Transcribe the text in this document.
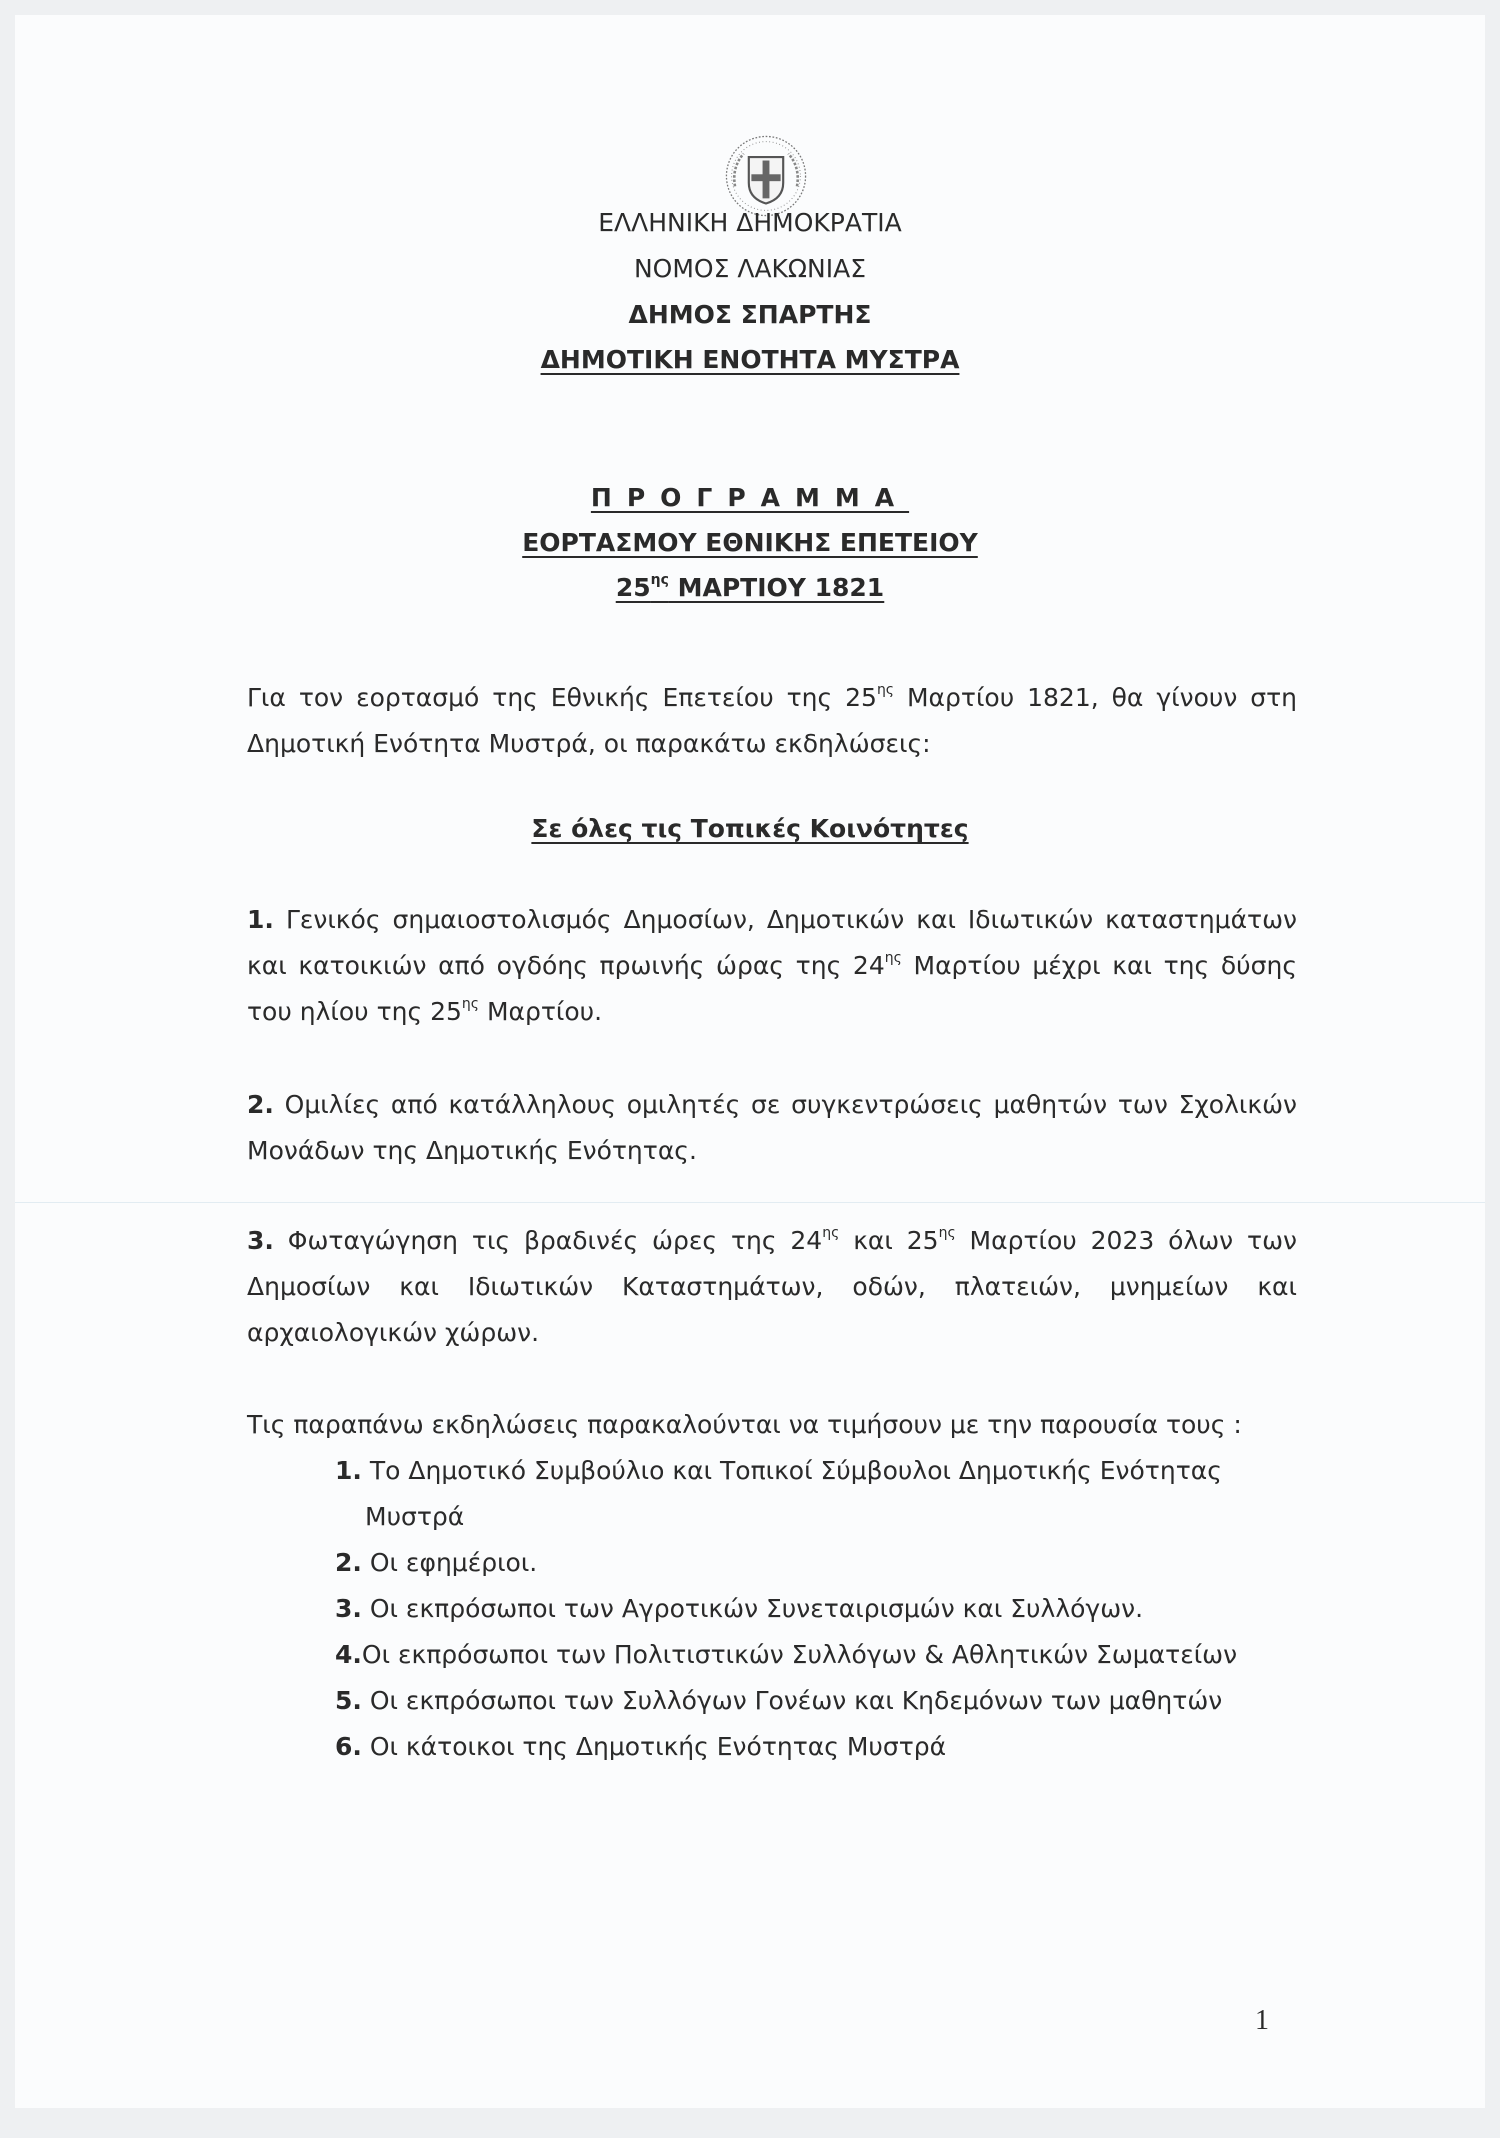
ΕΛΛΗΝΙΚΗ ΔΗΜΟΚΡΑΤΙΑ
ΝΟΜΟΣ ΛΑΚΩΝΙΑΣ
ΔΗΜΟΣ ΣΠΑΡΤΗΣ
ΔΗΜΟΤΙΚΗ ΕΝΟΤΗΤΑ ΜΥΣΤΡΑ
ΠΡΟΓΡΑΜΜΑ
ΕΟΡΤΑΣΜΟΥ ΕΘΝΙΚΗΣ ΕΠΕΤΕΙΟΥ
$25^{\eta\varsigma}$ ΜΑΡΤΙΟΥ 1821
Για τον εορτασμό της Εθνικής Επετείου της $25^{\eta\varsigma}$ Μαρτίου 1821, θα γίνουν στη Δημοτική Ενότητα Μυστρά, οι παρακάτω εκδηλώσεις:
Σε όλες τις Τοπικές Κοινότητες
1. Γενικός σημαιοστολισμός Δημοσίων, Δημοτικών και Ιδιωτικών καταστημάτων και κατοικιών από ογδόης πρωινής ώρας της $24^{\eta\varsigma}$ Μαρτίου μέχρι και της δύσης του ηλίου της $25^{\eta\varsigma}$ Μαρτίου.
2. Ομιλίες από κατάλληλους ομιλητές σε συγκεντρώσεις μαθητών των Σχολικών Μονάδων της Δημοτικής Ενότητας.
3. Φωταγώγηση τις βραδινές ώρες της $24^{\eta\varsigma}$ και $25^{\eta\varsigma}$ Μαρτίου 2023 όλων των Δημοσίων και Ιδιωτικών Καταστημάτων, οδών, πλατειών, μνημείων και αρχαιολογικών χώρων.
Τις παραπάνω εκδηλώσεις παρακαλούνται να τιμήσουν με την παρουσία τους :
1. Το Δημοτικό Συμβούλιο και Τοπικοί Σύμβουλοι Δημοτικής Ενότητας
Μυστρά
2. Οι εφημέριοι.
3. Οι εκπρόσωποι των Αγροτικών Συνεταιρισμών και Συλλόγων.
4.Οι εκπρόσωποι των Πολιτιστικών Συλλόγων & Αθλητικών Σωματείων
5. Οι εκπρόσωποι των Συλλόγων Γονέων και Κηδεμόνων των μαθητών
6. Οι κάτοικοι της Δημοτικής Ενότητας Μυστρά
1
